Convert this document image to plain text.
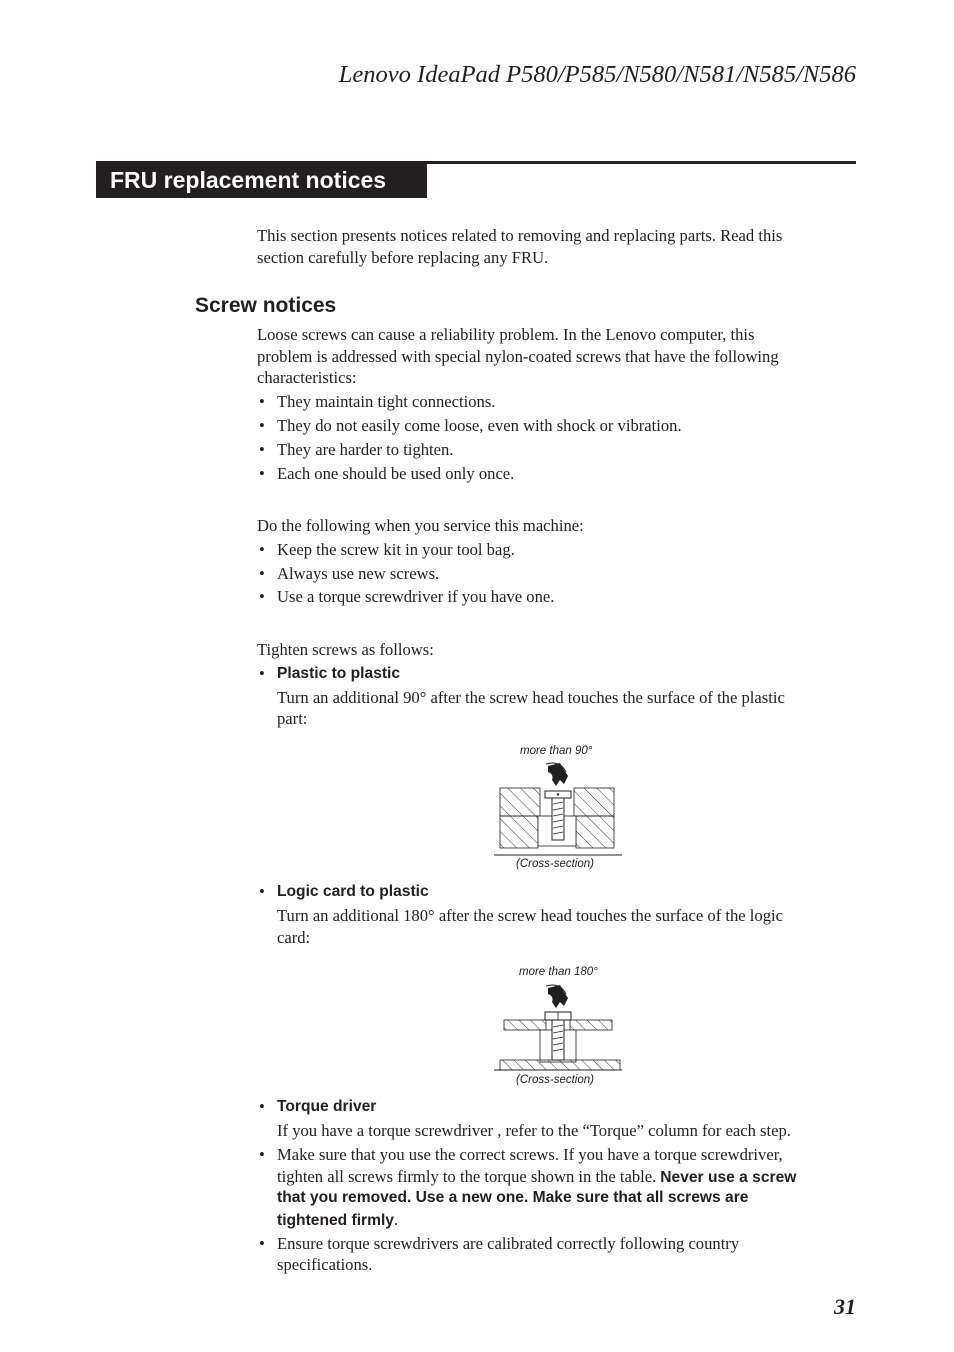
Lenovo IdeaPad P580/P585/N580/N581/N585/N586
FRU replacement notices
This section presents notices related to removing and replacing parts. Read this
section carefully before replacing any FRU.
Screw notices
Loose screws can cause a reliability problem. In the Lenovo computer, this
problem is addressed with special nylon-coated screws that have the following
characteristics:
• They maintain tight connections.
• They do not easily come loose, even with shock or vibration.
• They are harder to tighten.
• Each one should be used only once.
Do the following when you service this machine:
• Keep the screw kit in your tool bag.
• Always use new screws.
• Use a torque screwdriver if you have one.
Tighten screws as follows:
• Plastic to plastic
Turn an additional 90° after the screw head touches the surface of the plastic
part:
more than 90°
(Cross-section)
• Logic card to plastic
Turn an additional 180° after the screw head touches the surface of the logic
card:
more than 180°
(Cross-section)
• Torque driver
If you have a torque screwdriver , refer to the “Torque” column for each step.
• Make sure that you use the correct screws. If you have a torque screwdriver,
tighten all screws firmly to the torque shown in the table. Never use a screw
that you removed. Use a new one. Make sure that all screws are
tightened firmly.
• Ensure torque screwdrivers are calibrated correctly following country
specifications.
31
